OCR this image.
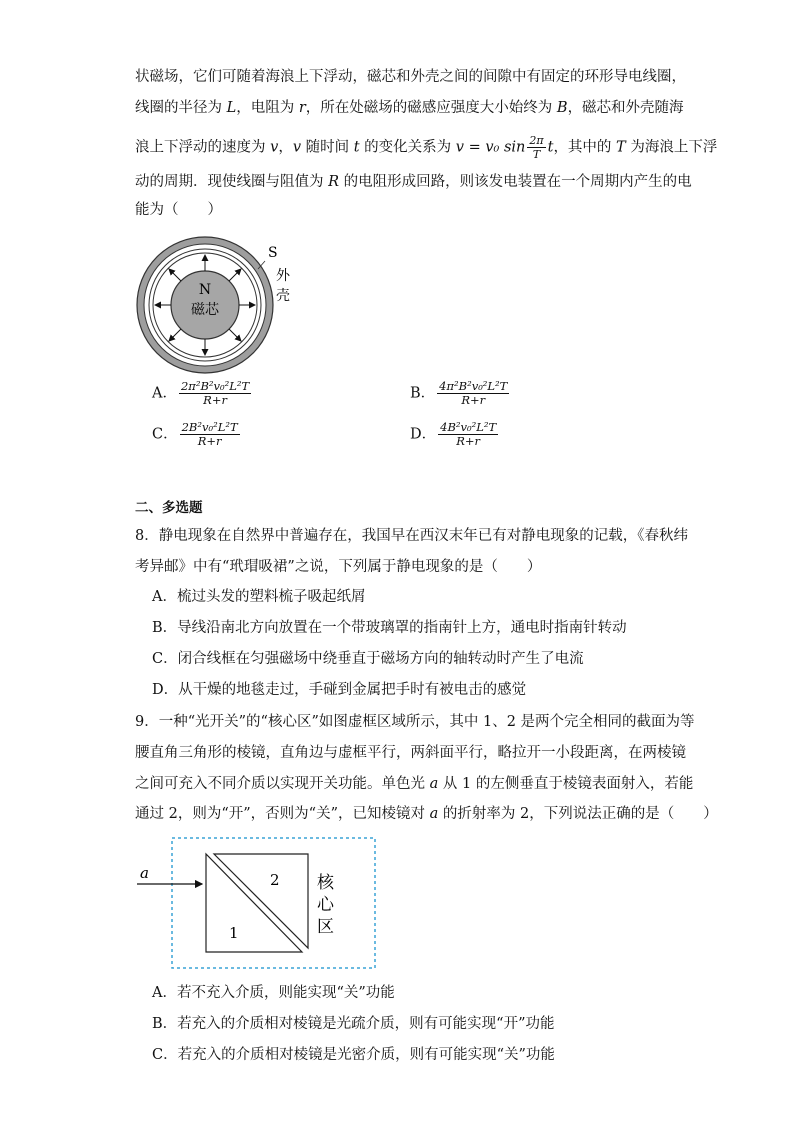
状磁场，它们可随着海浪上下浮动，磁芯和外壳之间的间隙中有固定的环形导电线圈，
线圈的半径为 L，电阻为 r，所在处磁场的磁感应强度大小始终为 B，磁芯和外壳随海
浪上下浮动的速度为 v，v 随时间 t 的变化关系为 v = v₀ $\sin \frac{2\pi}{T}$ t，其中的 T 为海浪上下浮
动的周期．现使线圈与阻值为 R 的电阻形成回路，则该发电装置在一个周期内产生的电
能为（　　）
N
磁芯
S
外
壳
A． $\frac{\text{2π²B²v₀²L²T}}{R+r}$	B． $\frac{\text{4π²B²v₀²L²T}}{R+r}$
C． $\frac{\text{2B²v₀²L²T}}{R+r}$	D． $\frac{\text{4B²v₀²L²T}}{R+r}$
二、多选题
8．静电现象在自然界中普遍存在，我国早在西汉末年已有对静电现象的记载，《春秋纬
考异邮》中有“玳瑁吸裙”之说，下列属于静电现象的是（　　）
A．梳过头发的塑料梳子吸起纸屑
B．导线沿南北方向放置在一个带玻璃罩的指南针上方，通电时指南针转动
C．闭合线框在匀强磁场中绕垂直于磁场方向的轴转动时产生了电流
D．从干燥的地毯走过，手碰到金属把手时有被电击的感觉
9．一种“光开关”的“核心区”如图虚框区域所示，其中 1、2 是两个完全相同的截面为等
腰直角三角形的棱镜，直角边与虚框平行，两斜面平行，略拉开一小段距离，在两棱镜
之间可充入不同介质以实现开关功能。单色光 a 从 1 的左侧垂直于棱镜表面射入，若能
通过 2，则为“开”，否则为“关”，已知棱镜对 a 的折射率为 2，下列说法正确的是（　　）
a
1
2 核
心
区
A．若不充入介质，则能实现“关”功能
B．若充入的介质相对棱镜是光疏介质，则有可能实现“开”功能
C．若充入的介质相对棱镜是光密介质，则有可能实现“关”功能
